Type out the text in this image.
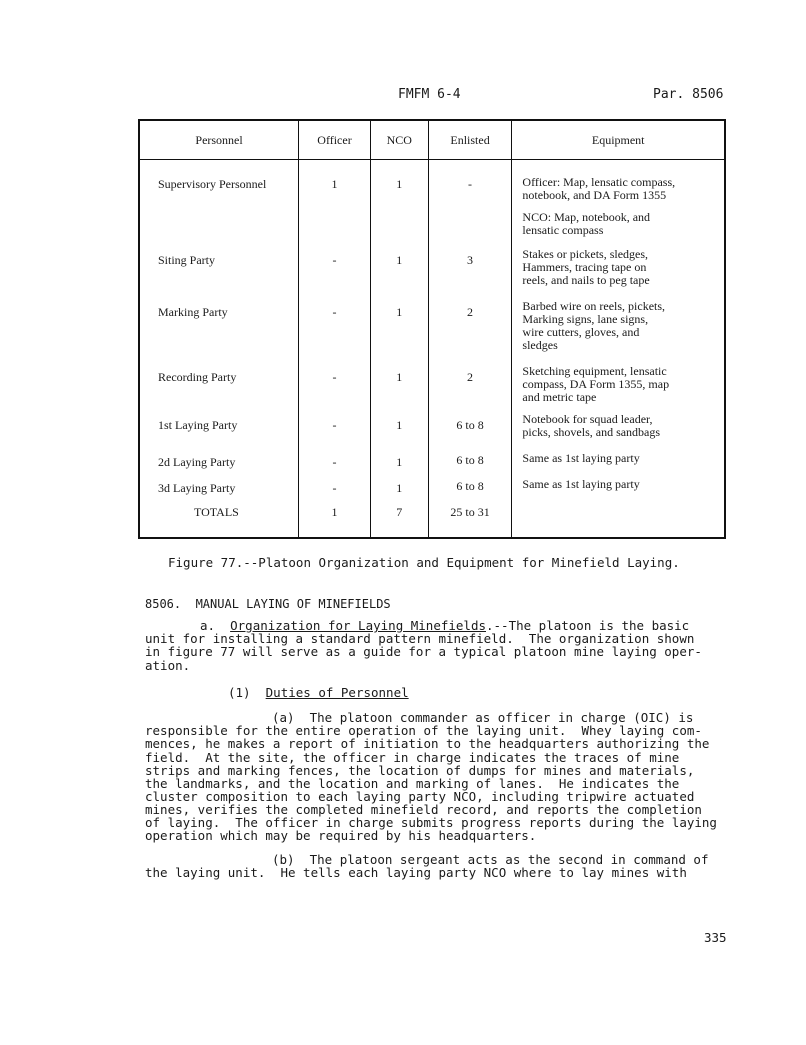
FMFM 6-4	Par. 8506
Personnel	Officer	NCO	Enlisted	Equipment
Supervisory Personnel	1	1	-	Officer: Map, lensatic compass,
notebook, and DA Form 1355
NCO: Map, notebook, and
lensatic compass

Siting Party	-	1	3	Stakes or pickets, sledges,
Hammers, tracing tape on
reels, and nails to peg tape

Marking Party	-	1	2	Barbed wire on reels, pickets,
Marking signs, lane signs,
wire cutters, gloves, and
sledges

Recording Party	-	1	2	Sketching equipment, lensatic
compass, DA Form 1355, map
and metric tape

1st Laying Party	-	1	6 to 8	Notebook for squad leader,
picks, shovels, and sandbags

2d Laying Party	-	1	6 to 8	Same as 1st laying party

3d Laying Party	-	1	6 to 8	Same as 1st laying party

TOTALS	1	7	25 to 31	
Figure 77.--Platoon Organization and Equipment for Minefield Laying.
8506.  MANUAL LAYING OF MINEFIELDS
a. Organization for Laying Minefields.--The platoon is the basic
unit for installing a standard pattern minefield.  The organization shown
in figure 77 will serve as a guide for a typical platoon mine laying oper-
ation.
(1) Duties of Personnel
(a)  The platoon commander as officer in charge (OIC) is
responsible for the entire operation of the laying unit.  Whey laying com-
mences, he makes a report of initiation to the headquarters authorizing the
field.  At the site, the officer in charge indicates the traces of mine
strips and marking fences, the location of dumps for mines and materials,
the landmarks, and the location and marking of lanes.  He indicates the
cluster composition to each laying party NCO, including tripwire actuated
mines, verifies the completed minefield record, and reports the completion
of laying.  The officer in charge submits progress reports during the laying
operation which may be required by his headquarters.
(b)  The platoon sergeant acts as the second in command of
the laying unit.  He tells each laying party NCO where to lay mines with
335
